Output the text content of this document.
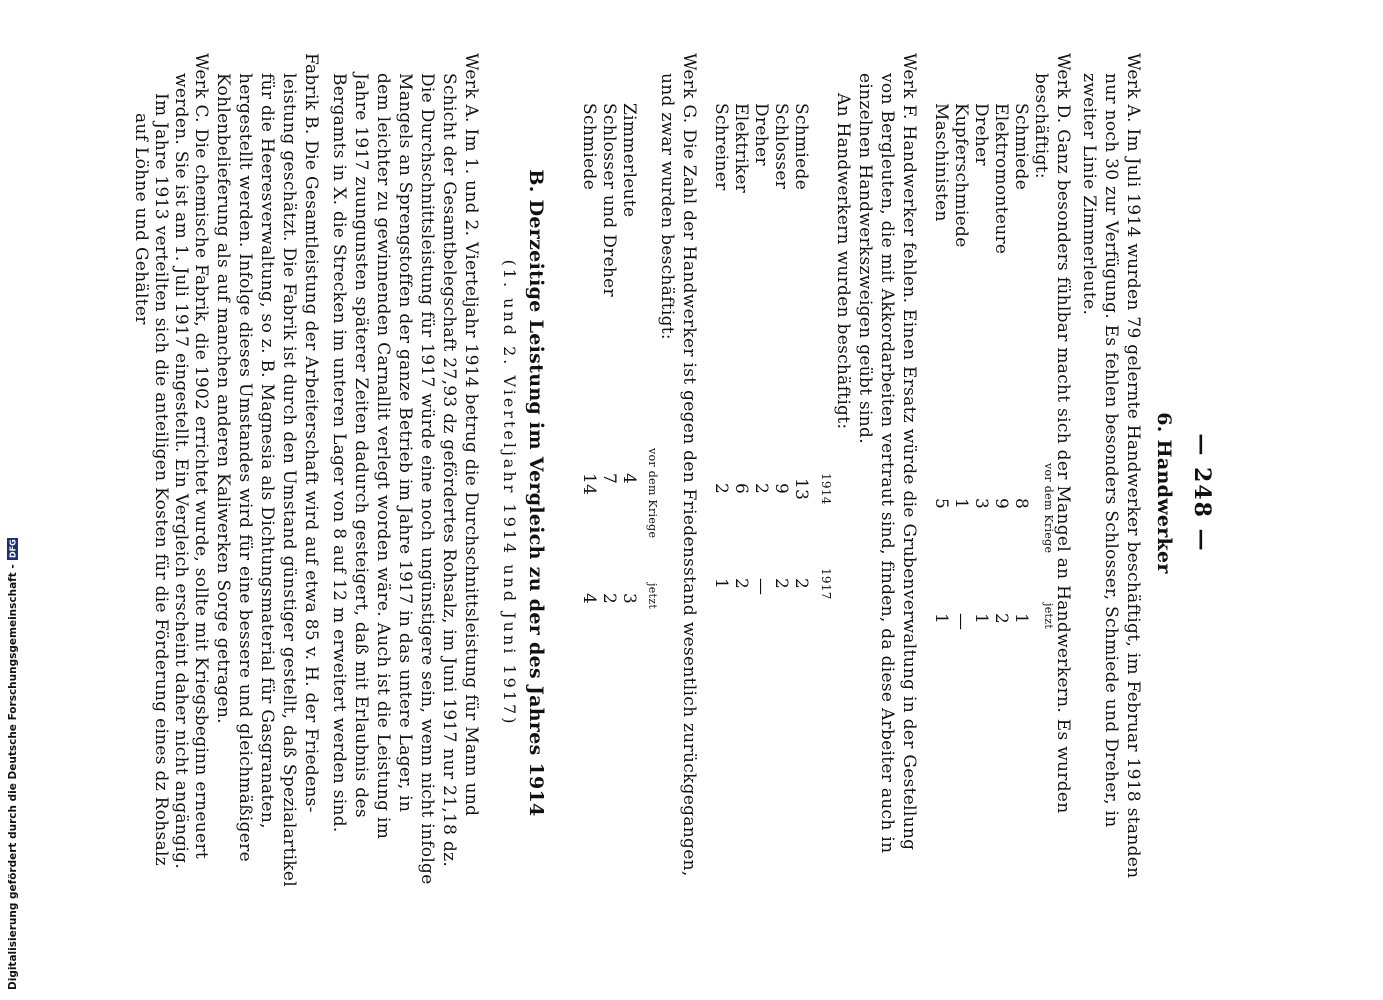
— 248 —
6. Handwerker
Werk A. Im Juli 1914 wurden 79 gelernte Handwerker beschäftigt, im Februar 1918 standen
nur noch 30 zur Verfügung. Es fehlen besonders Schlosser, Schmiede und Dreher, in
zweiter Linie Zimmerleute.
Werk D. Ganz besonders fühlbar macht sich der Mangel an Handwerkern. Es wurden
beschäftigt:
vor dem Kriege
jetzt
Schmiede
8
1
Elektromonteure
9
2
Dreher
3
1
Kupferschmiede
1
—
Maschinisten
5
1
Werk F. Handwerker fehlen. Einen Ersatz würde die Grubenverwaltung in der Gestellung
von Bergleuten, die mit Akkordarbeiten vertraut sind, finden, da diese Arbeiter auch in
einzelnen Handwerkszweigen geübt sind.
An Handwerkern wurden beschäftigt:
1914
1917
Schmiede
13
2
Schlosser
9
2
Dreher
2
—
Elektriker
6
2
Schreiner
2
1
Werk G. Die Zahl der Handwerker ist gegen den Friedensstand wesentlich zurückgegangen,
und zwar wurden beschäftigt:
vor dem Kriege
jetzt
Zimmerleute
4
3
Schlosser und Dreher
7
2
Schmiede
14
4
B. Derzeitige Leistung im Vergleich zu der des Jahres 1914
(1. und 2. Vierteljahr 1914 und Juni 1917)
Werk A. Im 1. und 2. Vierteljahr 1914 betrug die Durchschnittsleistung für Mann und
Schicht der Gesamtbelegschaft 27,93 dz gefördertes Rohsalz, im Juni 1917 nur 21,18 dz.
Die Durchschnittsleistung für 1917 würde eine noch ungünstigere sein, wenn nicht infolge
Mangels an Sprengstoffen der ganze Betrieb im Jahre 1917 in das untere Lager, in
dem leichter zu gewinnenden Carnallit verlegt worden wäre. Auch ist die Leistung im
Jahre 1917 zuungunsten späterer Zeiten dadurch gesteigert, daß mit Erlaubnis des
Bergamts in X. die Strecken im unteren Lager von 8 auf 12 m erweitert werden sind.
Fabrik B. Die Gesamtleistung der Arbeiterschaft wird auf etwa 85 v. H. der Friedens-
leistung geschätzt. Die Fabrik ist durch den Umstand günstiger gestellt, daß Spezialartikel
für die Heeresverwaltung, so z. B. Magnesia als Dichtungsmaterial für Gasgranaten,
hergestellt werden. Infolge dieses Umstandes wird für eine bessere und gleichmäßigere
Kohlenbelieferung als auf manchen anderen Kaliwerken Sorge getragen.
Werk C. Die chemische Fabrik, die 1902 errichtet wurde, sollte mit Kriegsbeginn erneuert
werden. Sie ist am 1. Juli 1917 eingestellt. Ein Vergleich erscheint daher nicht angängig.
Im Jahre 1913 verteilten sich die anteiligen Kosten für die Förderung eines dz Rohsalz
auf Löhne und Gehälter
Digitalisierung gefördert durch die Deutsche Forschungsgemeinschaft -
DFG
